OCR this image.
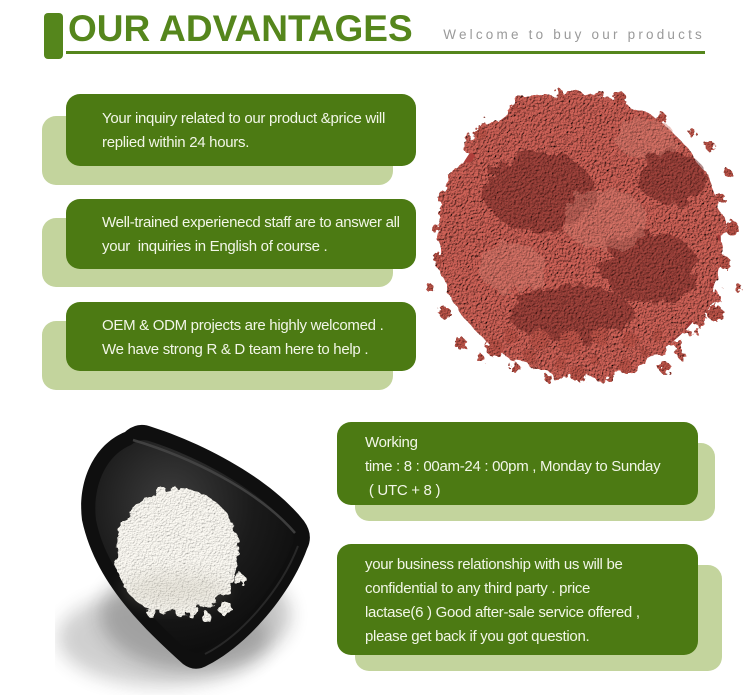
OUR ADVANTAGES Welcome to buy our products
Your inquiry related to our product &price will
replied within 24 hours.
Well-trained experienecd staff are to answer all
your  inquiries in English of course .
OEM & ODM projects are highly welcomed .
We have strong R & D team here to help .
Working
time : 8 : 00am-24 : 00pm , Monday to Sunday
( UTC + 8 )
your business relationship with us will be
confidential to any third party . price
lactase(6 ) Good after-sale service offered ,
please get back if you got question.
